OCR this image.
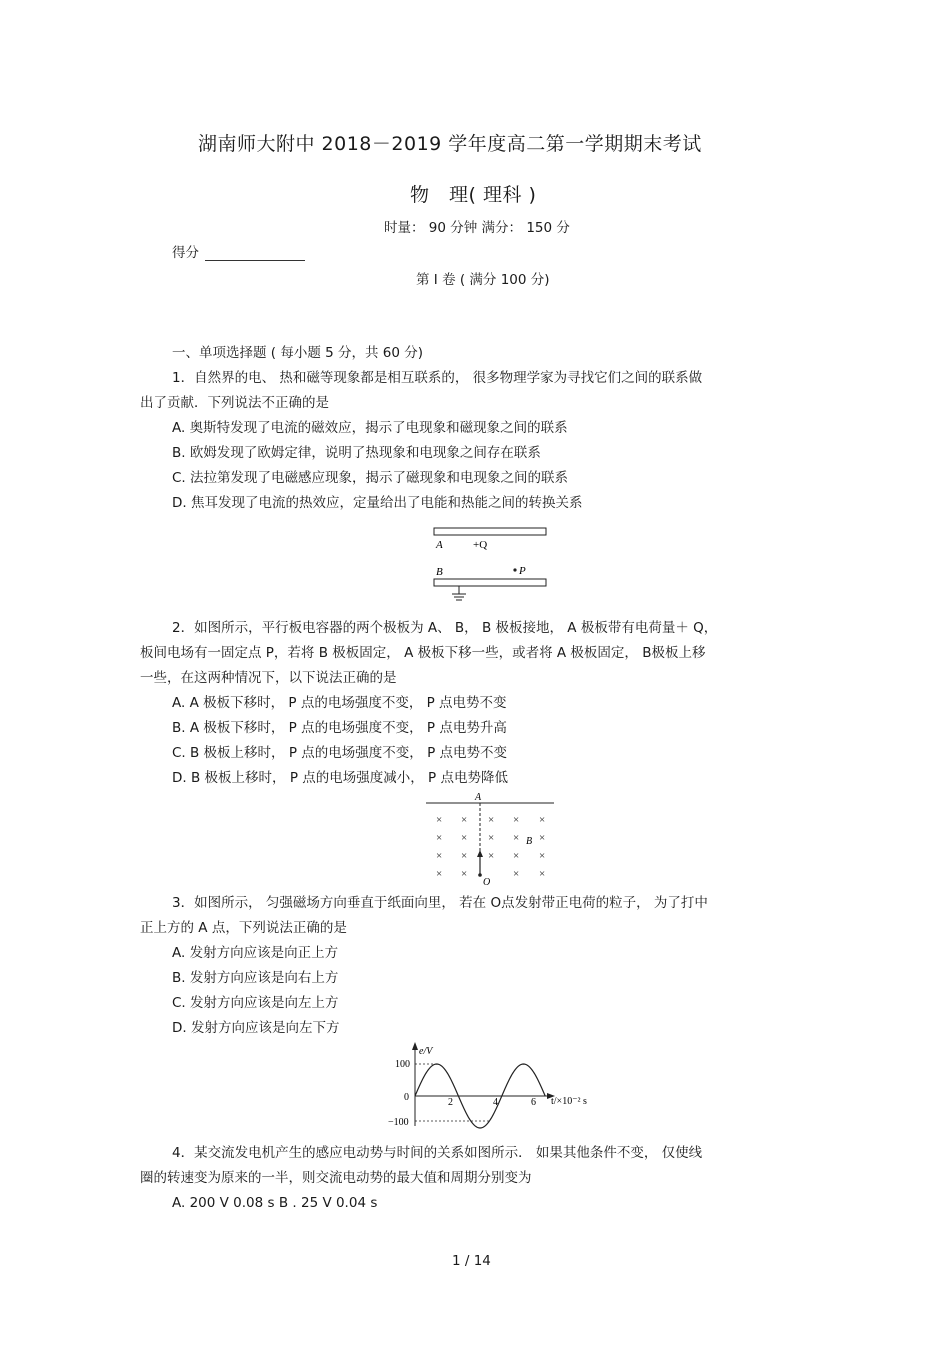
湖南师大附中 2018－2019 学年度高二第一学期期末考试
物　理( 理科 )
时量： 90 分钟 满分： 150 分
得分
第 I 卷 ( 满分 100 分)
一、单项选择题 ( 每小题 5 分，共 60 分)
1．自然界的电、 热和磁等现象都是相互联系的， 很多物理学家为寻找它们之间的联系做
出了贡献．下列说法不正确的是
A. 奥斯特发现了电流的磁效应，揭示了电现象和磁现象之间的联系
B. 欧姆发现了欧姆定律，说明了热现象和电现象之间存在联系
C. 法拉第发现了电磁感应现象，揭示了磁现象和电现象之间的联系
D. 焦耳发现了电流的热效应，定量给出了电能和热能之间的转换关系
A	+Q
B	P
2．如图所示，平行板电容器的两个极板为 A、 B， B 极板接地， A 极板带有电荷量＋ Q，
板间电场有一固定点 P，若将 B 极板固定， A 极板下移一些，或者将 A 极板固定， B极板上移
一些，在这两种情况下，以下说法正确的是
A. A 极板下移时， P 点的电场强度不变， P 点电势不变
B. A 极板下移时， P 点的电场强度不变， P 点电势升高
C. B 极板上移时， P 点的电场强度不变， P 点电势不变
D. B 极板上移时， P 点的电场强度减小， P 点电势降低
A
× × × × ×
× × × × ×
× × × × ×
× ×	× ×
B
O
3．如图所示， 匀强磁场方向垂直于纸面向里， 若在 O点发射带正电荷的粒子， 为了打中
正上方的 A 点，下列说法正确的是
A. 发射方向应该是向正上方
B. 发射方向应该是向右上方
C. 发射方向应该是向左上方
D. 发射方向应该是向左下方
e/V
t/×10⁻² s
100
0
−100
2	4	6
4．某交流发电机产生的感应电动势与时间的关系如图所示． 如果其他条件不变， 仅使线
圈的转速变为原来的一半，则交流电动势的最大值和周期分别变为
A. 200 V 0.08 s B . 25 V 0.04 s
1 / 14
